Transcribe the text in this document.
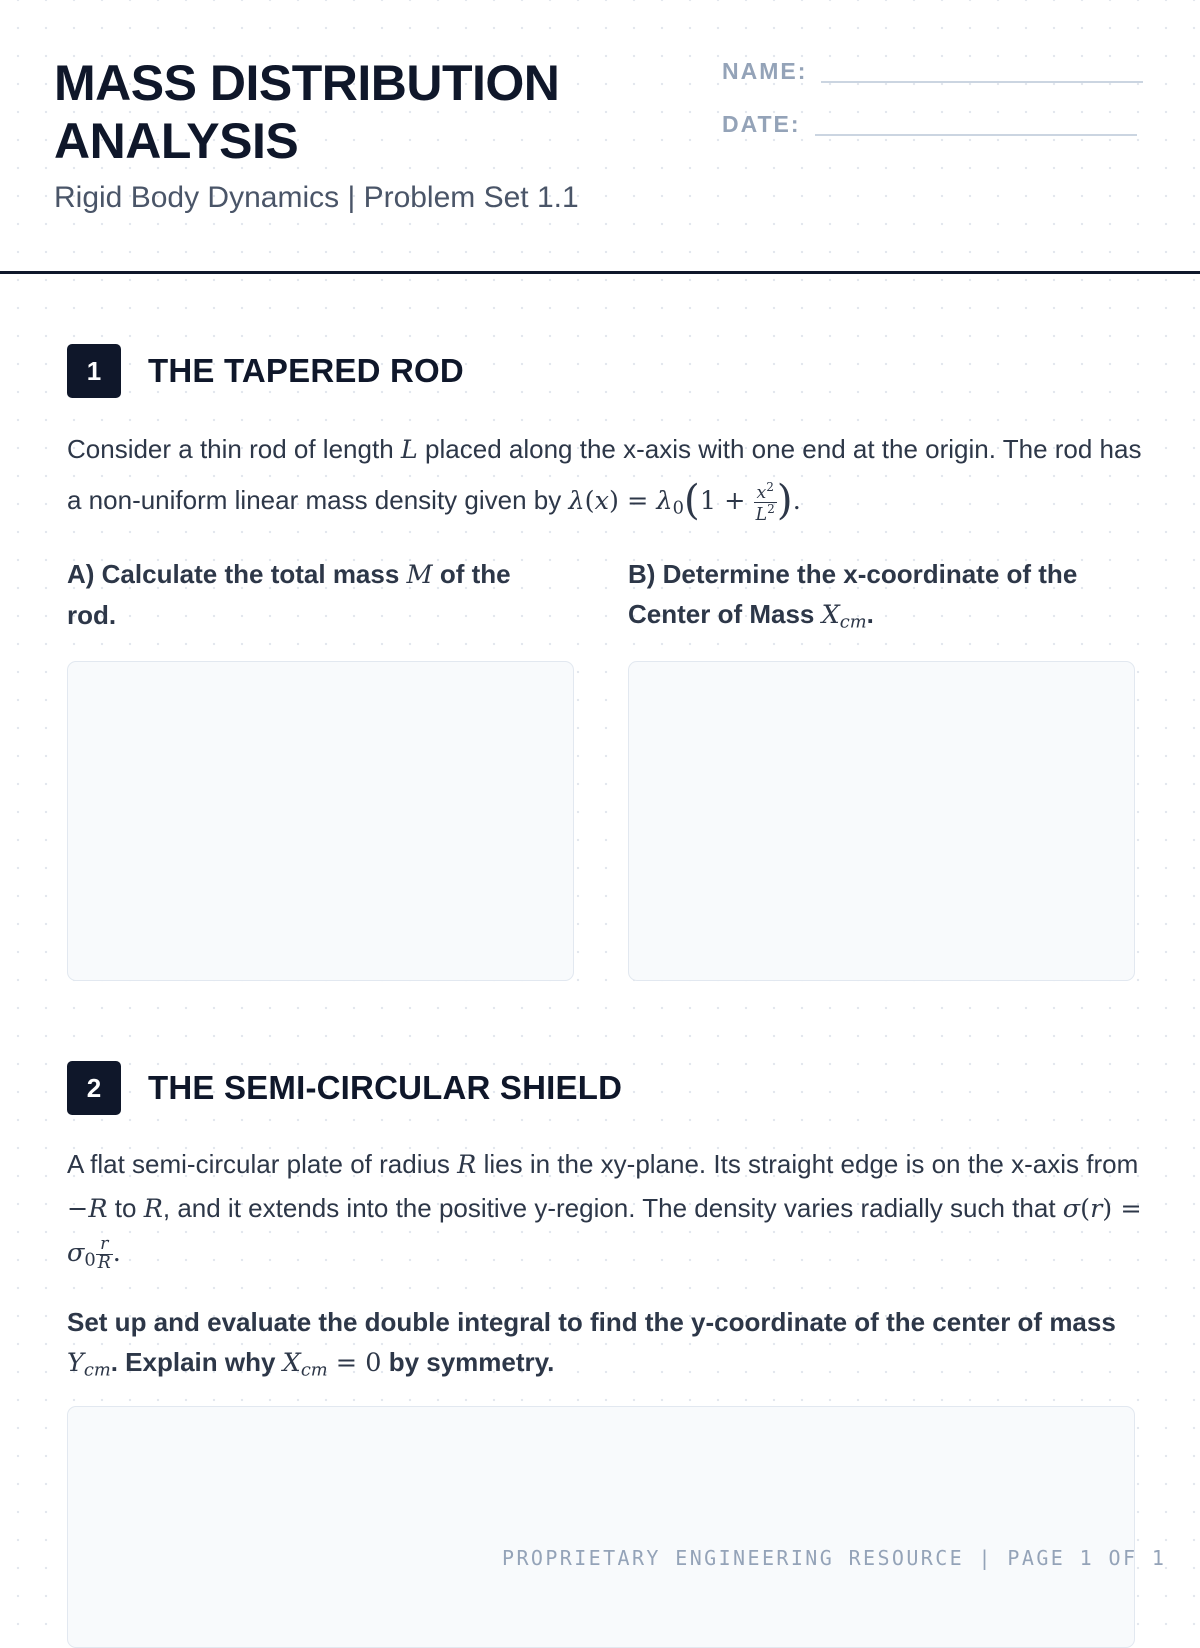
MASS DISTRIBUTION ANALYSIS

Rigid Body Dynamics | Problem Set 1.1

NAME:
DATE:
1	THE TAPERED ROD

Consider a thin rod of length L placed along the x-axis with one end at the origin. The rod has a non-uniform linear mass density given by $\lambda(x) = \lambda_0(1 + \frac{x^2}{L^2}$ ).

A) Calculate the total mass M of the rod.

B) Determine the x-coordinate of the Center of Mass $X_{cm}$.

2	THE SEMI-CIRCULAR SHIELD

A flat semi-circular plate of radius R lies in the xy-plane. Its straight edge is on the x-axis from −R to R, and it extends into the positive y-region. The density varies radially such that $\sigma(r) = \sigma_0 \frac{r}{R}$ .

Set up and evaluate the double integral to find the y-coordinate of the center of mass $Y_{cm}$. Explain why $X_{cm} = 0$ by symmetry.

PROPRIETARY ENGINEERING RESOURCE | PAGE 1 OF 1
